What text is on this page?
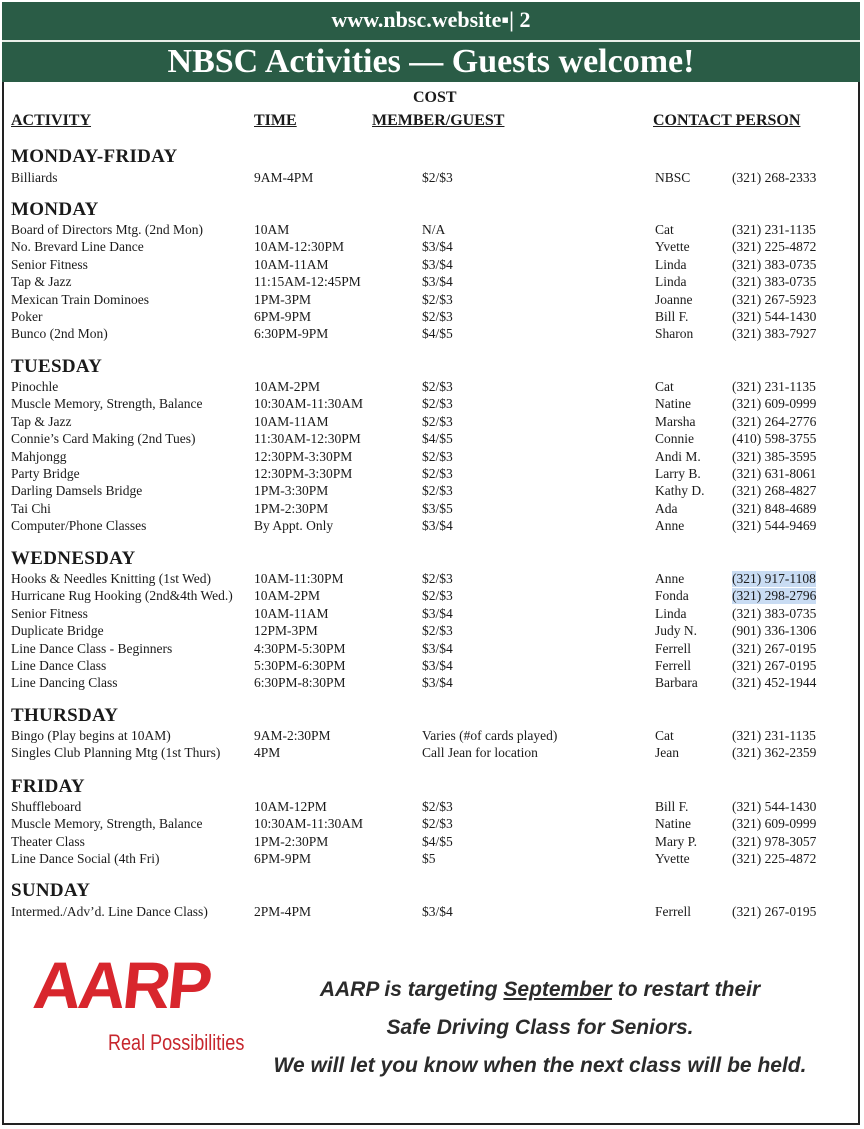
www.nbsc.website▪| 2
NBSC Activities — Guests welcome!
COST
ACTIVITY	TIME	MEMBER/GUEST	CONTACT PERSON
MONDAY-FRIDAY
Billiards	9AM-4PM	$2/$3	NBSC	(321) 268-2333
MONDAY
Board of Directors Mtg. (2nd Mon)	10AM	N/A	Cat	(321) 231-1135
No. Brevard Line Dance	10AM-12:30PM	$3/$4	Yvette	(321) 225-4872
Senior Fitness	10AM-11AM	$3/$4	Linda	(321) 383-0735
Tap & Jazz	11:15AM-12:45PM	$3/$4	Linda	(321) 383-0735
Mexican Train Dominoes	1PM-3PM	$2/$3	Joanne	(321) 267-5923
Poker	6PM-9PM	$2/$3	Bill F.	(321) 544-1430
Bunco (2nd Mon)	6:30PM-9PM	$4/$5	Sharon	(321) 383-7927
TUESDAY
Pinochle	10AM-2PM	$2/$3	Cat	(321) 231-1135
Muscle Memory, Strength, Balance	10:30AM-11:30AM	$2/$3	Natine	(321) 609-0999
Tap & Jazz	10AM-11AM	$2/$3	Marsha	(321) 264-2776
Connie’s Card Making (2nd Tues)	11:30AM-12:30PM	$4/$5	Connie	(410) 598-3755
Mahjongg	12:30PM-3:30PM	$2/$3	Andi M. (321) 385-3595
Party Bridge	12:30PM-3:30PM	$2/$3	Larry B. (321) 631-8061
Darling Damsels Bridge	1PM-3:30PM	$2/$3	Kathy D. (321) 268-4827
Tai Chi	1PM-2:30PM	$3/$5	Ada	(321) 848-4689
Computer/Phone Classes	By Appt. Only	$3/$4	Anne	(321) 544-9469
WEDNESDAY
Hooks & Needles Knitting (1st Wed)	10AM-11:30PM	$2/$3	Anne	(321) 917-1108
Hurricane Rug Hooking (2nd&4th Wed.) 10AM-2PM	$2/$3	Fonda	(321) 298-2796
Senior Fitness	10AM-11AM	$3/$4	Linda	(321) 383-0735
Duplicate Bridge	12PM-3PM	$2/$3	Judy N.	(901) 336-1306
Line Dance Class - Beginners	4:30PM-5:30PM	$3/$4	Ferrell	(321) 267-0195
Line Dance Class	5:30PM-6:30PM	$3/$4	Ferrell	(321) 267-0195
Line Dancing Class	6:30PM-8:30PM	$3/$4	Barbara	(321) 452-1944
THURSDAY
Bingo (Play begins at 10AM)	9AM-2:30PM	Varies (#of cards played)	Cat	(321) 231-1135
Singles Club Planning Mtg (1st Thurs) 4PM	Call Jean for location	Jean	(321) 362-2359
FRIDAY
Shuffleboard	10AM-12PM	$2/$3	Bill F.	(321) 544-1430
Muscle Memory, Strength, Balance	10:30AM-11:30AM	$2/$3	Natine	(321) 609-0999
Theater Class	1PM-2:30PM	$4/$5	Mary P.	(321) 978-3057
Line Dance Social (4th Fri)	6PM-9PM	$5	Yvette	(321) 225-4872
SUNDAY
Intermed./Adv’d. Line Dance Class)	2PM-4PM	$3/$4	Ferrell	(321) 267-0195
AARP
Real Possibilities
AARP is targeting September to restart their
Safe Driving Class for Seniors.
We will let you know when the next class will be held.
